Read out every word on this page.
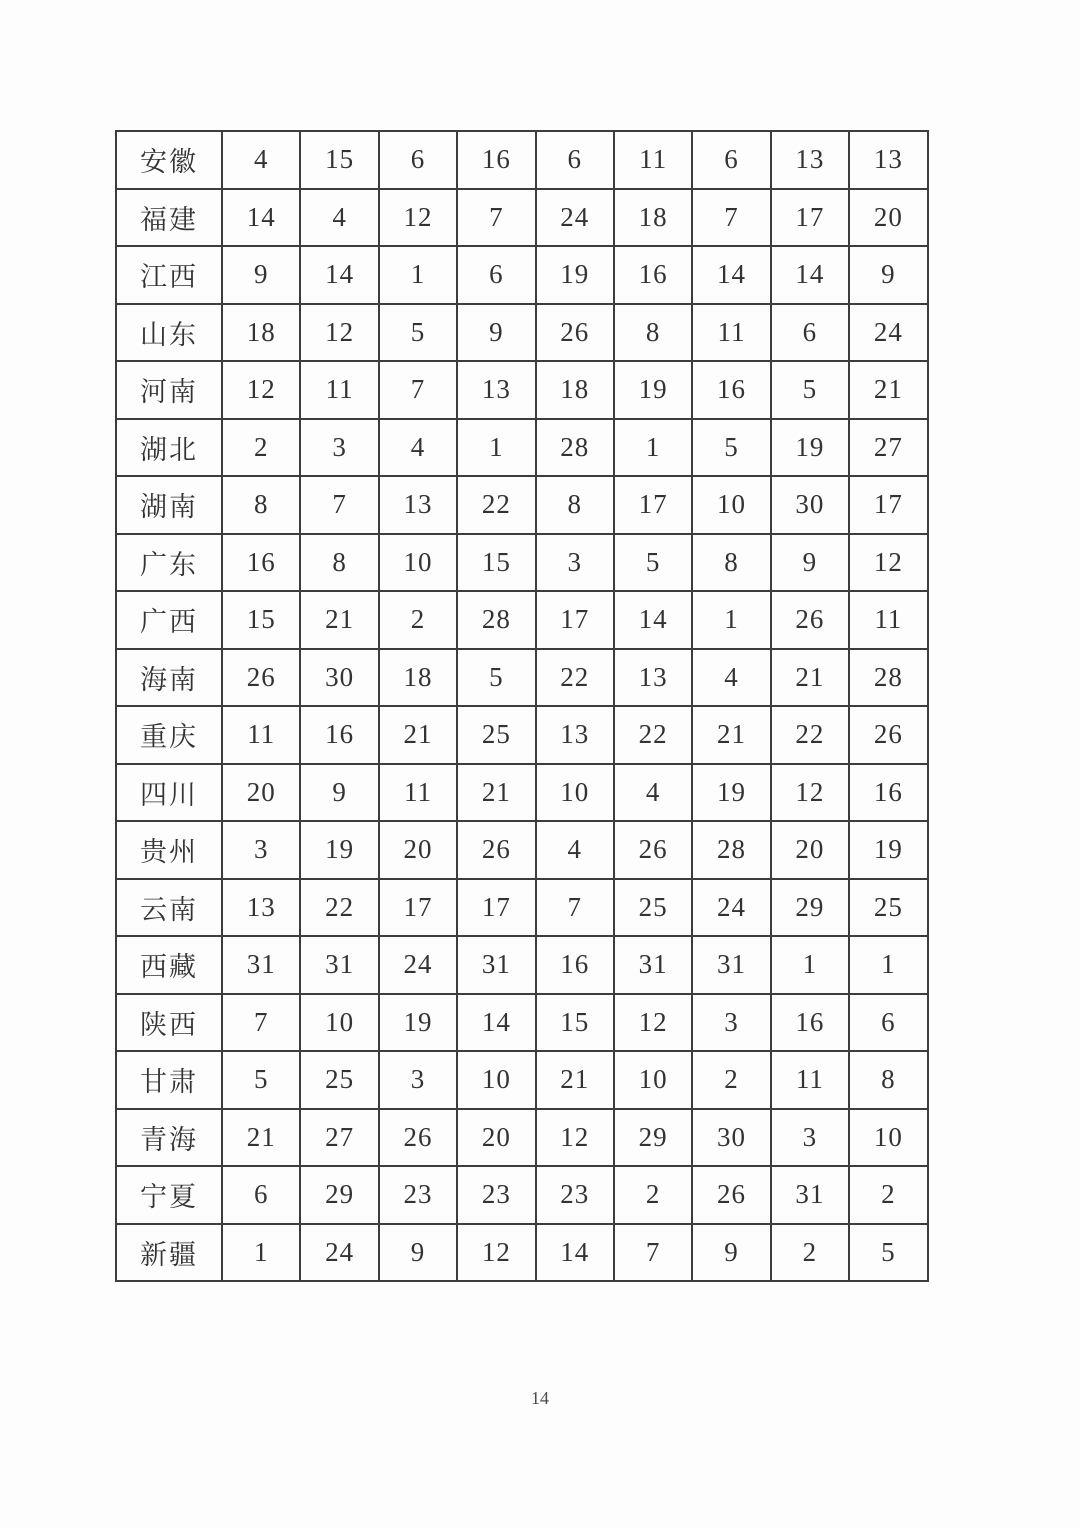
安徽	4	15	6	16	6	11	6	13	13
福建	14	4	12	7	24	18	7	17	20
江西	9	14	1	6	19	16	14	14	9
山东	18	12	5	9	26	8	11	6	24
河南	12	11	7	13	18	19	16	5	21
湖北	2	3	4	1	28	1	5	19	27
湖南	8	7	13	22	8	17	10	30	17
广东	16	8	10	15	3	5	8	9	12
广西	15	21	2	28	17	14	1	26	11
海南	26	30	18	5	22	13	4	21	28
重庆	11	16	21	25	13	22	21	22	26
四川	20	9	11	21	10	4	19	12	16
贵州	3	19	20	26	4	26	28	20	19
云南	13	22	17	17	7	25	24	29	25
西藏	31	31	24	31	16	31	31	1	1
陕西	7	10	19	14	15	12	3	16	6
甘肃	5	25	3	10	21	10	2	11	8
青海	21	27	26	20	12	29	30	3	10
宁夏	6	29	23	23	23	2	26	31	2
新疆	1	24	9	12	14	7	9	2	5
14
